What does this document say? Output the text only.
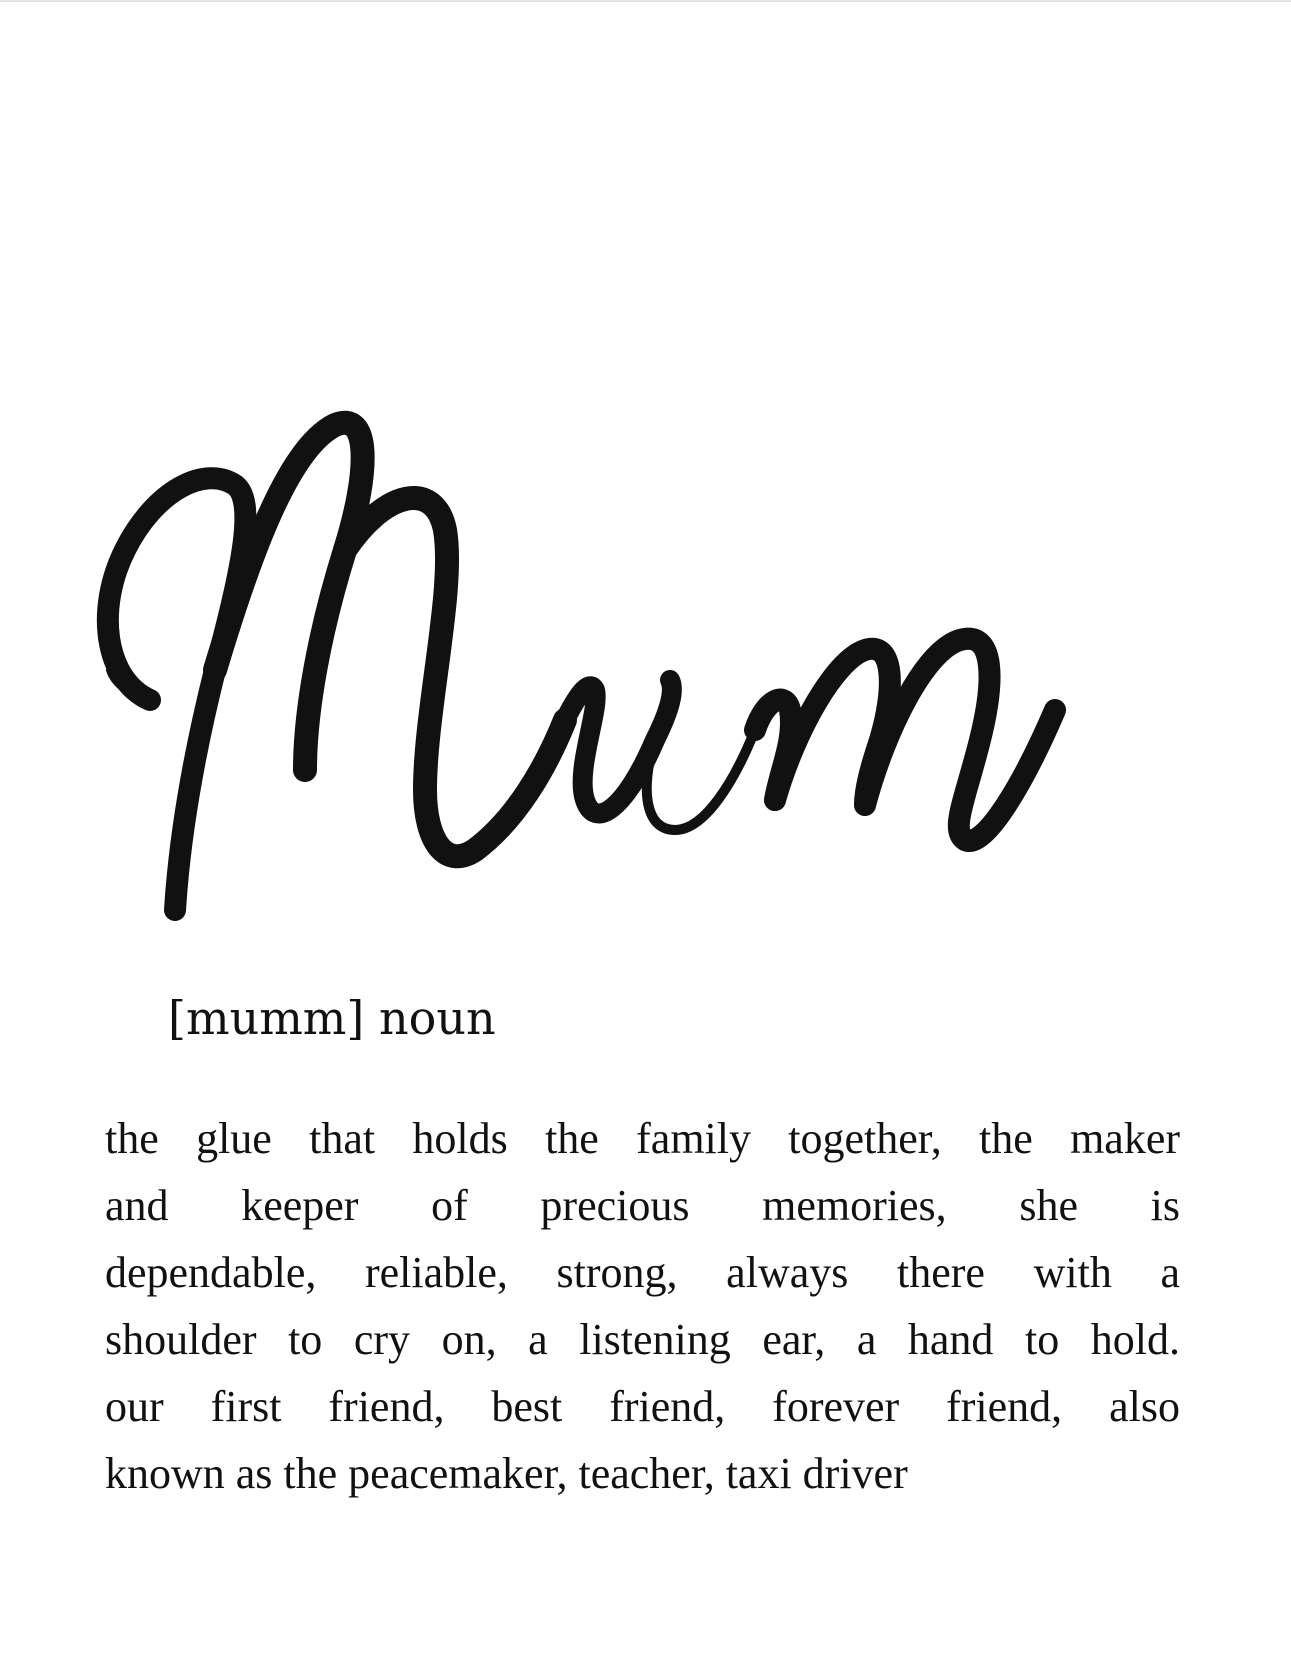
[mumm] noun
the glue that holds the family together, the maker
and keeper of precious memories, she is
dependable, reliable, strong, always there with a
shoulder to cry on, a listening ear, a hand to hold.
our first friend, best friend, forever friend, also
known as the peacemaker, teacher, taxi driver
